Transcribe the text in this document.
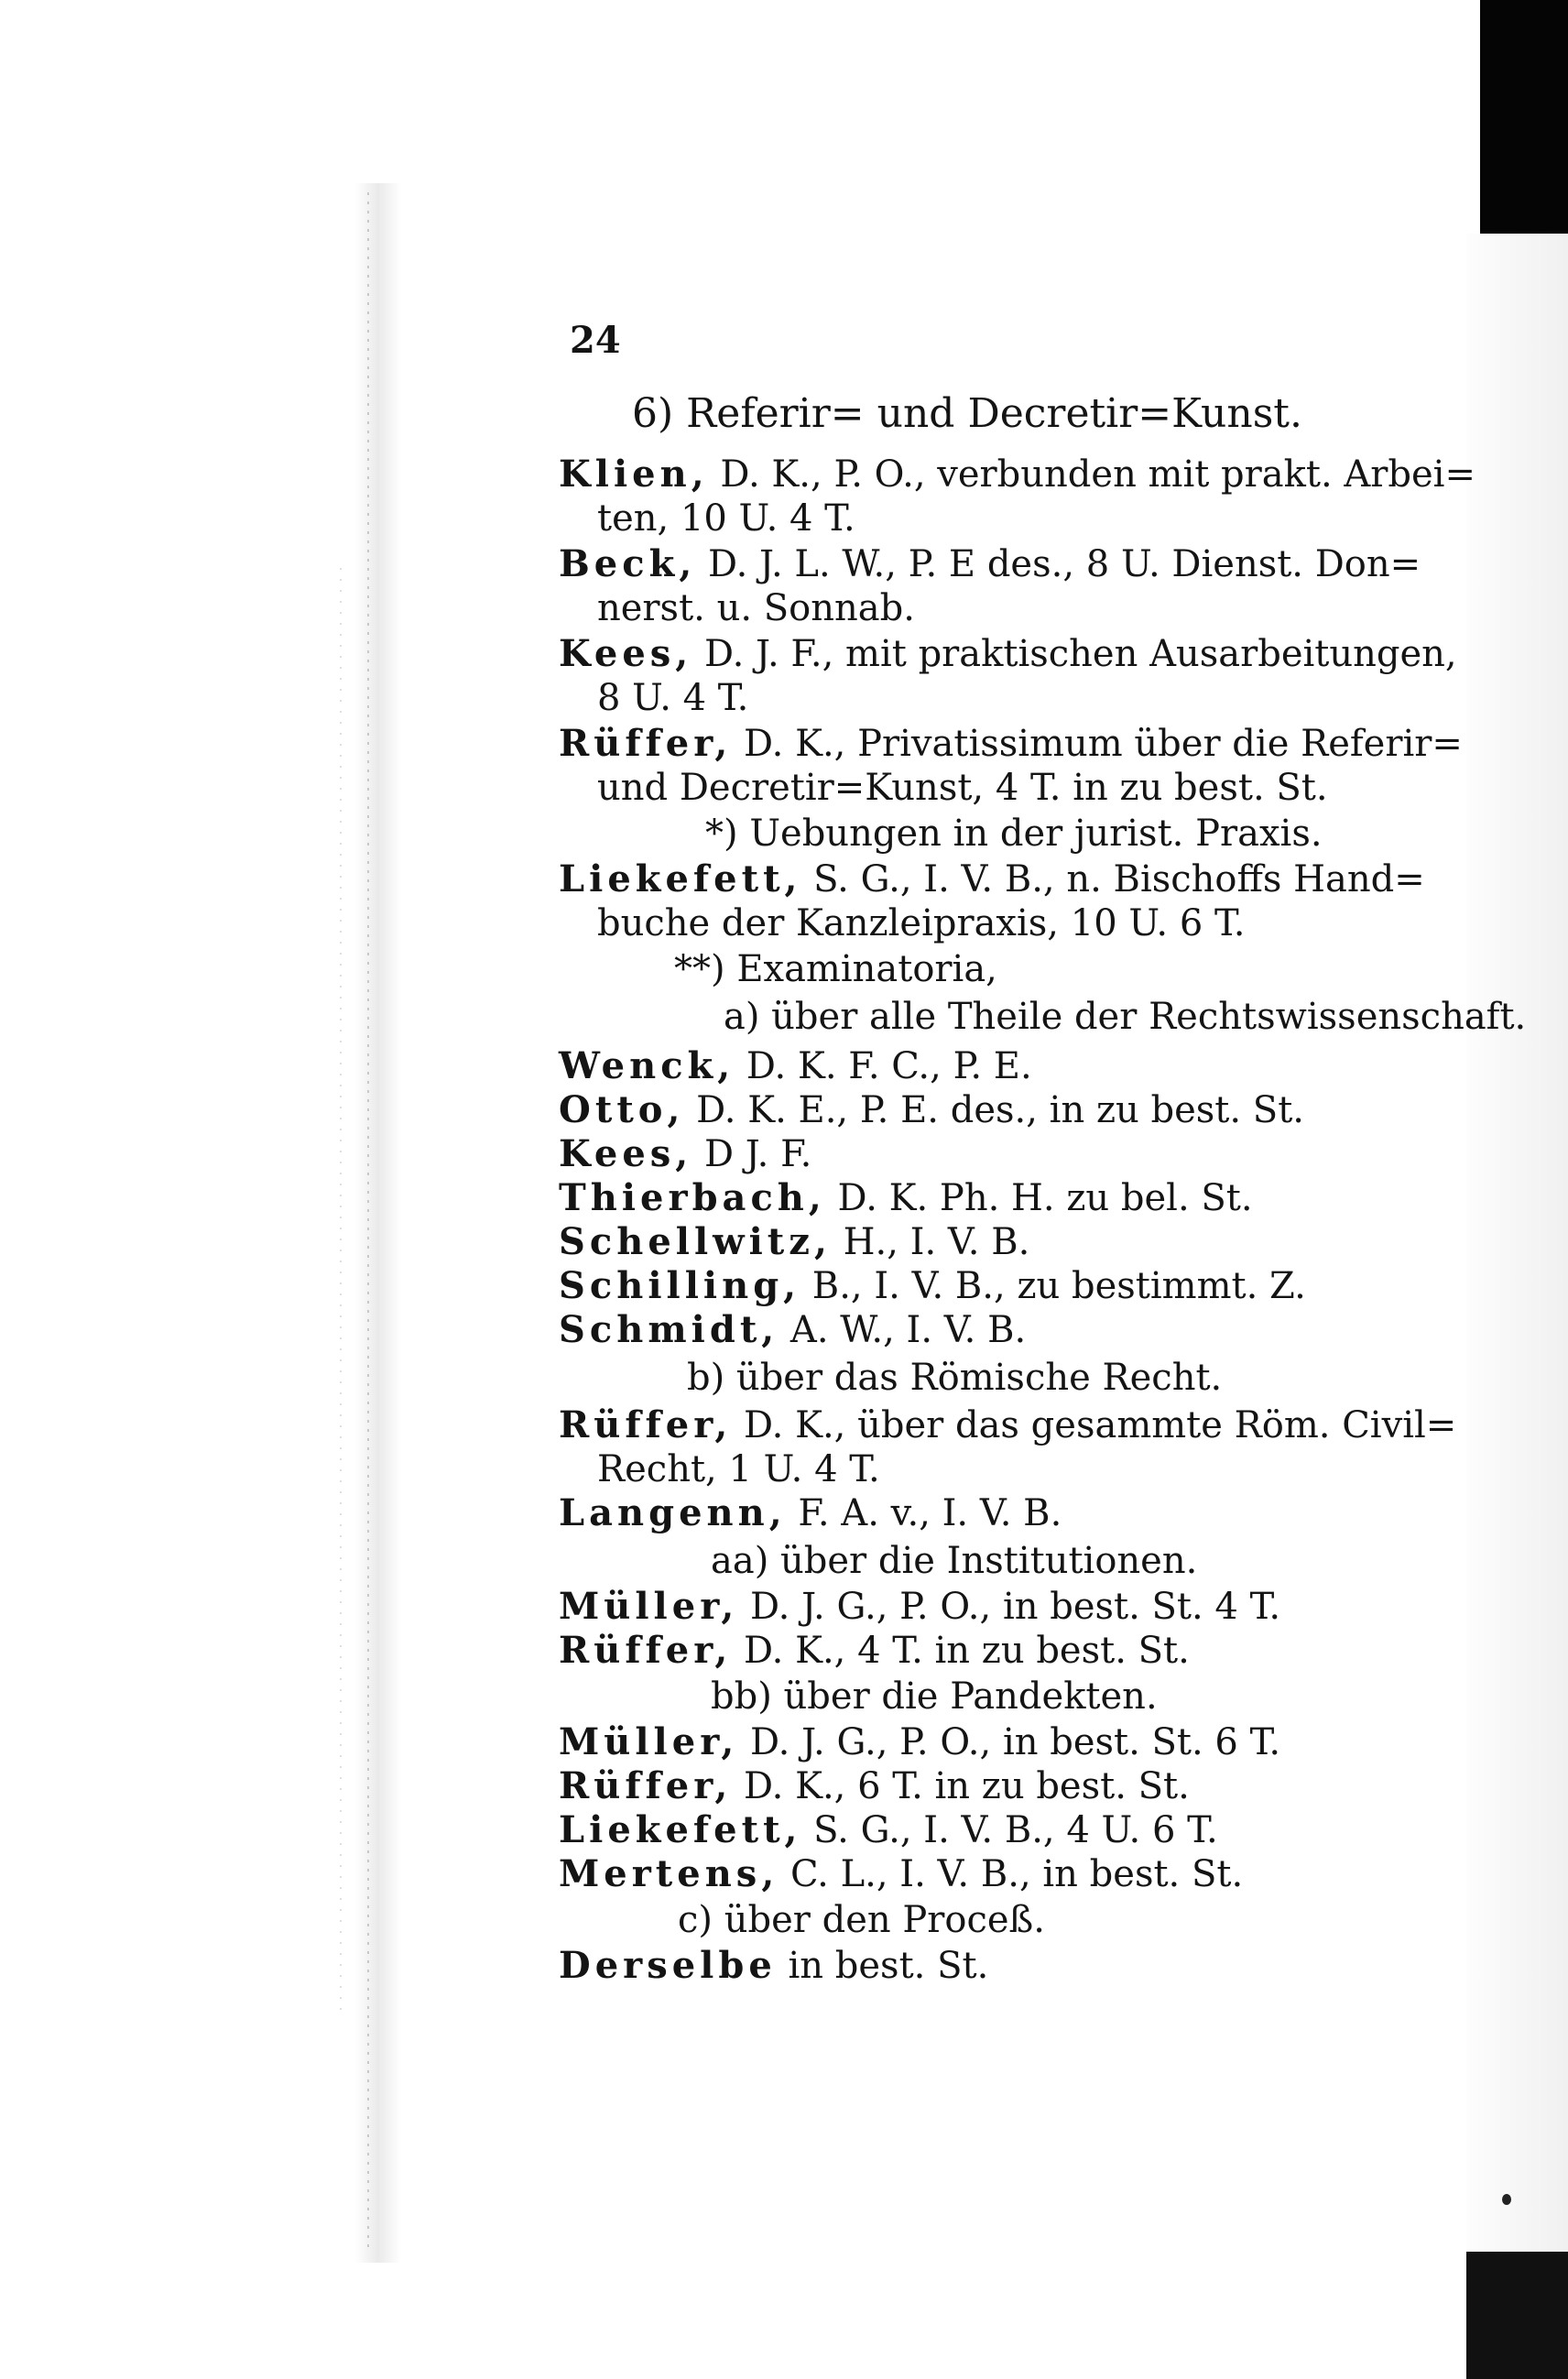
24
6) Referir= und Decretir=Kunst.
Klien, D. K., P. O., verbunden mit prakt. Arbei=
ten, 10 U. 4 T.
Beck, D. J. L. W., P. E des., 8 U. Dienst. Don=
nerst. u. Sonnab.
Kees, D. J. F., mit praktischen Ausarbeitungen,
8 U. 4 T.
Rüffer, D. K., Privatissimum über die Referir=
und Decretir=Kunst, 4 T. in zu best. St.
*) Uebungen in der jurist. Praxis.
Liekefett, S. G., I. V. B., n. Bischoffs Hand=
buche der Kanzleipraxis, 10 U. 6 T.
**) Examinatoria,
a) über alle Theile der Rechtswissenschaft.
Wenck, D. K. F. C., P. E.
Otto, D. K. E., P. E. des., in zu best. St.
Kees, D J. F.
Thierbach, D. K. Ph. H. zu bel. St.
Schellwitz, H., I. V. B.
Schilling, B., I. V. B., zu bestimmt. Z.
Schmidt, A. W., I. V. B.
b) über das Römische Recht.
Rüffer, D. K., über das gesammte Röm. Civil=
Recht, 1 U. 4 T.
Langenn, F. A. v., I. V. B.
aa) über die Institutionen.
Müller, D. J. G., P. O., in best. St. 4 T.
Rüffer, D. K., 4 T. in zu best. St.
bb) über die Pandekten.
Müller, D. J. G., P. O., in best. St. 6 T.
Rüffer, D. K., 6 T. in zu best. St.
Liekefett, S. G., I. V. B., 4 U. 6 T.
Mertens, C. L., I. V. B., in best. St.
c) über den Proceß.
Derselbe in best. St.
